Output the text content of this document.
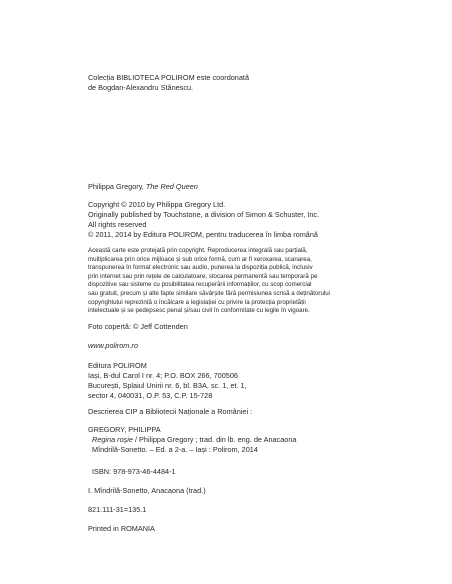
Colecția BIBLIOTECA POLIROM este coordonată
de Bogdan-Alexandru Stănescu.
Philippa Gregory, The Red Queen
Copyright © 2010 by Philippa Gregory Ltd.
Originally published by Touchstone, a division of Simon & Schuster, Inc.
All rights reserved
© 2011, 2014 by Editura POLIROM, pentru traducerea în limba română
Această carte este protejată prin copyright. Reproducerea integrală sau parțială,
multiplicarea prin orice mijloace și sub orice formă, cum ar fi xeroxarea, scanarea,
transpunerea în format electronic sau audio, punerea la dispoziția publică, inclusiv
prin internet sau prin rețele de calculatoare, stocarea permanentă sau temporară pe
dispozitive sau sisteme cu posibilitatea recuperării informațiilor, cu scop comercial
sau gratuit, precum și alte fapte similare săvârșite fără permisiunea scrisă a deținătorului
copyrightului reprezintă o încălcare a legislației cu privire la protecția proprietății
intelectuale și se pedepsesc penal și/sau civil în conformitate cu legile în vigoare.
Foto copertă: © Jeff Cottenden
www.polirom.ro
Editura POLIROM
Iași, B-dul Carol I nr. 4; P.O. BOX 266, 700506
București, Splaiul Unirii nr. 6, bl. B3A, sc. 1, et. 1,
sector 4, 040031, O.P. 53, C.P. 15-728
Descrierea CIP a Bibliotecii Naționale a României :
GREGORY, PHILIPPA
Regina roșie / Philippa Gregory ; trad. din lb. eng. de Anacaona
Mîndrilă-Sonetto. – Ed. a 2-a. – Iași : Polirom, 2014
ISBN: 978-973-46-4484-1
I. Mîndrilă-Sonetto, Anacaona (trad.)
821.111-31=135.1
Printed in ROMANIA
